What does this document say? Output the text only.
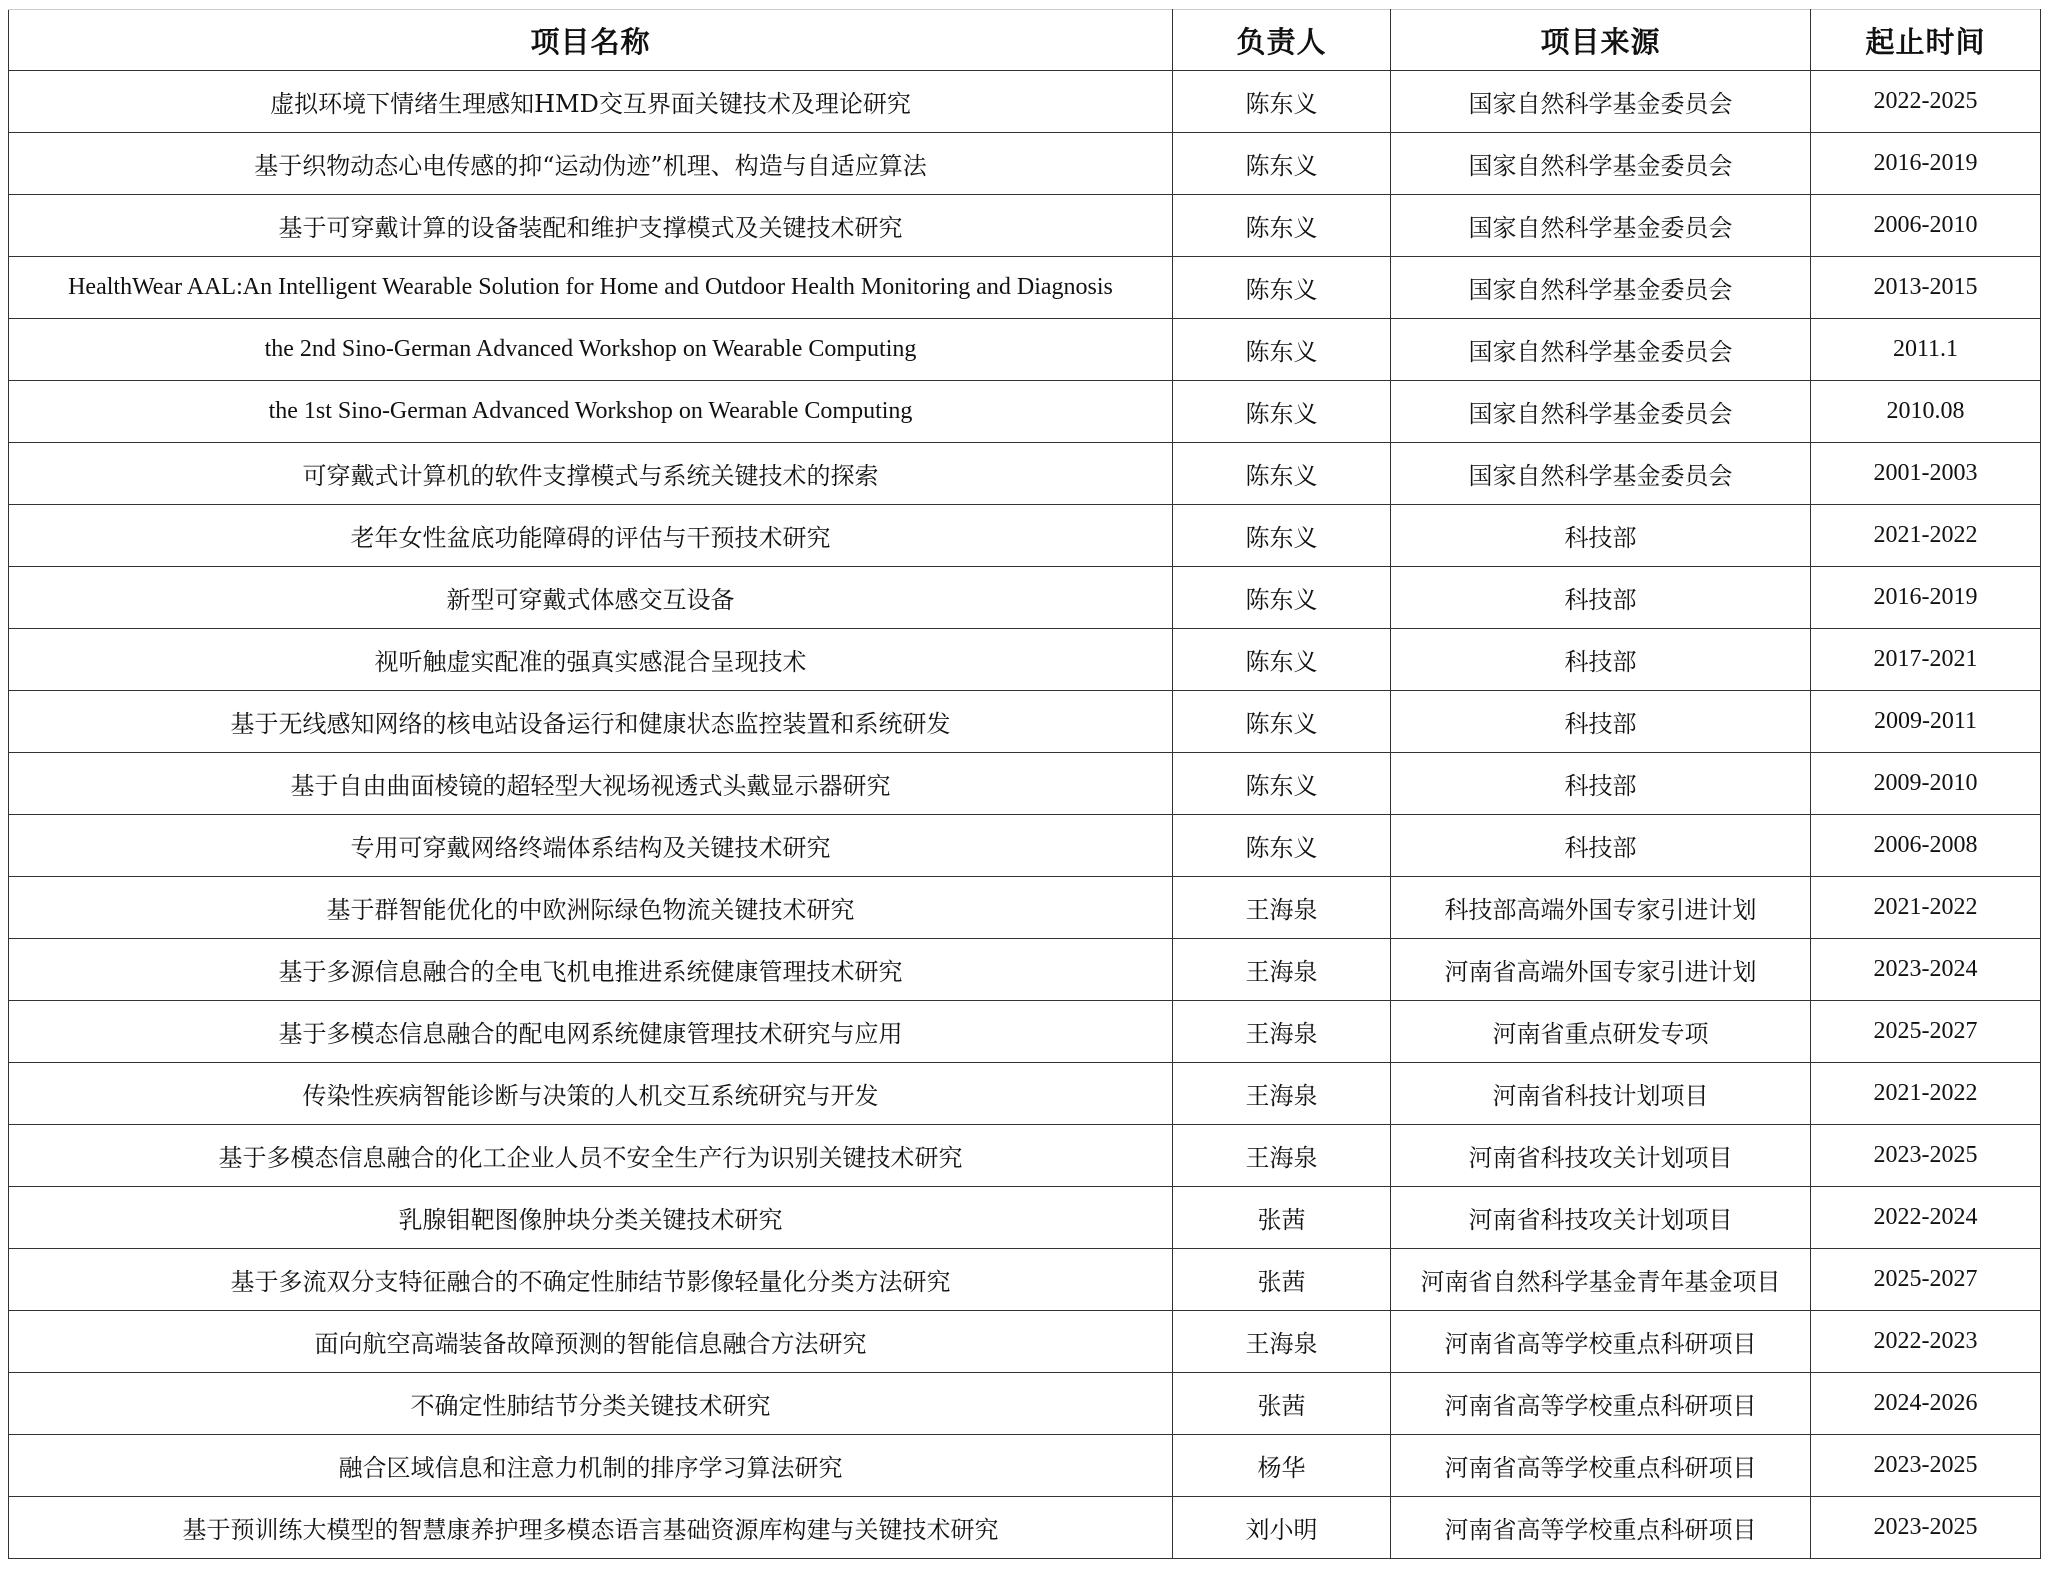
项目名称	负责人	项目来源	起止时间
虚拟环境下情绪生理感知HMD交互界面关键技术及理论研究	陈东义	国家自然科学基金委员会	2022-2025
基于织物动态心电传感的抑“运动伪迹”机理、构造与自适应算法	陈东义	国家自然科学基金委员会	2016-2019
基于可穿戴计算的设备装配和维护支撑模式及关键技术研究	陈东义	国家自然科学基金委员会	2006-2010
HealthWear AAL:An Intelligent Wearable Solution for Home and Outdoor Health Monitoring and Diagnosis	陈东义	国家自然科学基金委员会	2013-2015
the 2nd Sino-German Advanced Workshop on Wearable Computing	陈东义	国家自然科学基金委员会	2011.1
the 1st Sino-German Advanced Workshop on Wearable Computing	陈东义	国家自然科学基金委员会	2010.08
可穿戴式计算机的软件支撑模式与系统关键技术的探索	陈东义	国家自然科学基金委员会	2001-2003
老年女性盆底功能障碍的评估与干预技术研究	陈东义	科技部	2021-2022
新型可穿戴式体感交互设备	陈东义	科技部	2016-2019
视听触虚实配准的强真实感混合呈现技术	陈东义	科技部	2017-2021
基于无线感知网络的核电站设备运行和健康状态监控装置和系统研发	陈东义	科技部	2009-2011
基于自由曲面棱镜的超轻型大视场视透式头戴显示器研究	陈东义	科技部	2009-2010
专用可穿戴网络终端体系结构及关键技术研究	陈东义	科技部	2006-2008
基于群智能优化的中欧洲际绿色物流关键技术研究	王海泉	科技部高端外国专家引进计划	2021-2022
基于多源信息融合的全电飞机电推进系统健康管理技术研究	王海泉	河南省高端外国专家引进计划	2023-2024
基于多模态信息融合的配电网系统健康管理技术研究与应用	王海泉	河南省重点研发专项	2025-2027
传染性疾病智能诊断与决策的人机交互系统研究与开发	王海泉	河南省科技计划项目	2021-2022
基于多模态信息融合的化工企业人员不安全生产行为识别关键技术研究	王海泉	河南省科技攻关计划项目	2023-2025
乳腺钼靶图像肿块分类关键技术研究	张茜	河南省科技攻关计划项目	2022-2024
基于多流双分支特征融合的不确定性肺结节影像轻量化分类方法研究	张茜	河南省自然科学基金青年基金项目	2025-2027
面向航空高端装备故障预测的智能信息融合方法研究	王海泉	河南省高等学校重点科研项目	2022-2023
不确定性肺结节分类关键技术研究	张茜	河南省高等学校重点科研项目	2024-2026
融合区域信息和注意力机制的排序学习算法研究	杨华	河南省高等学校重点科研项目	2023-2025
基于预训练大模型的智慧康养护理多模态语言基础资源库构建与关键技术研究	刘小明	河南省高等学校重点科研项目	2023-2025
